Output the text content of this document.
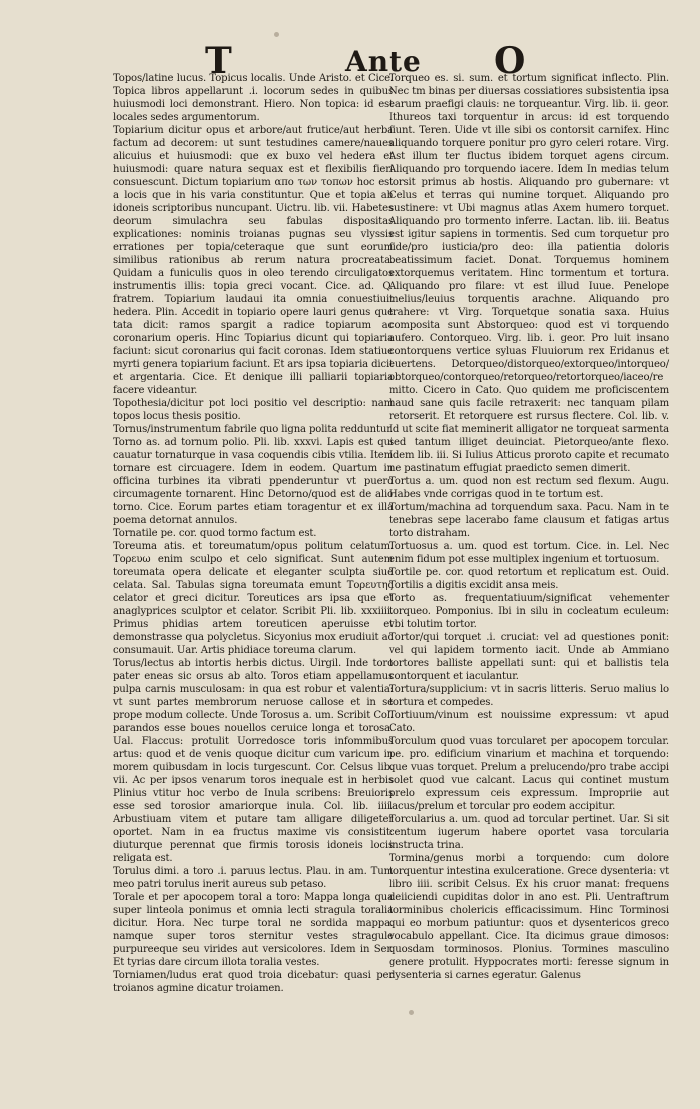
T	Ante O

Topos/latine lucus. Topicus localis. Unde Aristo. et Cice. Topica libros appellarunt .i. locorum sedes in quibus huiusmodi loci demonstrant. Hiero. Non topica: id est locales sedes argumentorum.

Topiarium dicitur opus et arbore/aut frutice/aut herba factum ad decorem: ut sunt testudines camere/naues alicuius et huiusmodi: que ex buxo vel hedera et huiusmodi: quare natura sequax est et flexibilis fieri consuescunt. Dictum topiarium απο των τοπων hoc est a locis que in his varia constituntur. Que et topia ab idoneis scriptoribus nuncupant. Uictru. lib. vii. Habetes deorum simulachra seu fabulas dispositas explicationes: nominis troianas pugnas seu vlyssis errationes per topia/ceteraque que sunt eorum similibus rationibus ab rerum natura procreata. Quidam a funiculis quos in oleo terendo circuligatos instrumentis illis: topia greci vocant. Cice. ad. Q. fratrem. Topiarium laudaui ita omnia conuestiuit hedera. Plin. Accedit in topiario opere lauri genus que tata dicit: ramos spargit a radice topiarum ac coronarium operis. Hinc Topiarius dicunt qui topiaria faciunt: sicut coronarius qui facit coronas. Idem statiue myrti genera topiarium faciunt. Et ars ipsa topiaria dicit et argentaria. Cice. Et denique illi palliarii topiaria facere videantur.

Topothesia/dicitur pot loci positio vel descriptio: nam topos locus thesis positio.

Tornus/instrumentum fabrile quo ligna polita redduntur.

Torno as. ad tornum polio. Pli. lib. xxxvi. Lapis est qui cauatur tornaturque in vasa coquendis cibis vtilia. Item tornare est circuagere. Idem in eodem. Quartum in officina turbines ita vibrati ppenderuntur vt puero circumagente tornarent. Hinc Detorno/quod est de alio torno. Cice. Eorum partes etiam toragentur et ex illa poema detornat annulos.

Tornatile pe. cor. quod tormo factum est.

Toreuma atis. et toreumatum/opus politum celatum. Τορευω enim sculpo et celo significat. Sunt autem toreumata opera delicate et eleganter sculpta siue celata. Sal. Tabulas signa toreumata emunt Τορευτης celator et greci dicitur. Toreutices ars ipsa que et anaglyprices sculptor et celator. Scribit Pli. lib. xxxiiii. Primus phidias artem toreuticen aperuisse et demonstrasse qua polycletus. Sicyonius mox erudiuit ac consumauit. Uar. Artis phidiace toreuma clarum.

Torus/lectus ab intortis herbis dictus. Uirgil. Inde toro pater eneas sic orsus ab alto. Toros etiam appellamus pulpa carnis musculosam: in qua est robur et valentia: vt sunt partes membrorum neruose callose et in se prope modum collecte. Unde Torosus a. um. Scribit Col. parandos esse boues nouellos ceruice longa et torosa. Ual. Flaccus: protulit Uorredosce toris infommibus artus: quod et de venis quoque dicitur cum varicum in morem quibusdam in locis turgescunt. Cor. Celsus lib. vii. Ac per ipsos venarum toros inequale est in herbis Plinius vtitur hoc verbo de Inula scribens: Breuioris esse sed torosior amariorque inula. Col. lib. iiii. Arbustiuam vitem et putare tam alligare diligeter oportet. Nam in ea fructus maxime vis consistit: diuturque perennat que firmis torosis idoneis locis religata est.

Torulus dimi. a toro .i. paruus lectus. Plau. in am. Tum meo patri torulus inerit aureus sub petaso.

Torale et per apocopem toral a toro: Mappa longa qua super linteola ponimus et omnia lecti stragula toralia dicitur. Hora. Nec turpe toral ne sordida mappa. namque super toros sternitur vestes stragule purpureeque seu virides aut versicolores. Idem in Ser. Et tyrias dare circum illota toralia vestes.

Torniamen/ludus erat quod troia dicebatur: quasi per troianos agmine dicatur troiamen.

Torqueo es. si. sum. et tortum significat inflecto. Plin. Nec tm binas per diuersas cossiatiores subsistentia ipsa earum praefigi clauis: ne torqueantur. Virg. lib. ii. geor. Ithureos taxi torquentur in arcus: id est torquendo fiunt. Teren. Uide vt ille sibi os contorsit carnifex. Hinc aliquando torquere ponitur pro gyro celeri rotare. Virg. Ast illum ter fluctus ibidem torquet agens circum. Aliquando pro torquendo iacere. Idem In medias telum torsit primus ab hostis. Aliquando pro gubernare: vt Celus et terras qui numine torquet. Aliquando pro sustinere: vt Ubi magnus atlas Axem humero torquet. Aliquando pro tormento inferre. Lactan. lib. iii. Beatus est igitur sapiens in tormentis. Sed cum torquetur pro fide/pro iusticia/pro deo: illa patientia doloris beatissimum faciet. Donat. Torquemus hominem extorquemus veritatem. Hinc tormentum et tortura. Aliquando pro filare: vt est illud Iuue. Penelope melius/leuius torquentis arachne. Aliquando pro trahere: vt Virg. Torquetque sonatia saxa. Huius composita sunt Abstorqueo: quod est vi torquendo aufero. Contorqueo. Virg. lib. i. geor. Pro luit insano contorquens vertice syluas Fluuiorum rex Eridanus et euertens. Detorqueo/distorqueo/extorqueo/intorqueo/ obtorqueo/contorqueo/retorqueo/retortorqueo/iaceo/remitto. Cicero in Cato. Quo quidem me proficiscentem haud sane quis facile retraxerit: nec tanquam pilam retorserit. Et retorquere est rursus flectere. Col. lib. v. Id ut scite fiat meminerit alligator ne torqueat sarmenta sed tantum illiget deuinciat. Pietorqueo/ante flexo. Idem lib. iii. Si Iulius Atticus proroto capite et recumato ne pastinatum effugiat praedicto semen dimerit.

Tortus a. um. quod non est rectum sed flexum. Augu. Habes vnde corrigas quod in te tortum est.

Tortum/machina ad torquendum saxa. Pacu. Nam in te tenebras sepe lacerabo fame clausum et fatigas artus torto distraham.

Tortuosus a. um. quod est tortum. Cice. in. Lel. Nec enim fidum pot esse multiplex ingenium et tortuosum.

Tortile pe. cor. quod retortum et replicatum est. Ouid. Tortilis a digitis excidit ansa meis.

Torto as. frequentatiuum/significat vehementer torqueo. Pomponius. Ibi in silu in cocleatum eculeum: vbi tolutim tortor.

Tortor/qui torquet .i. cruciat: vel ad questiones ponit: vel qui lapidem tormento iacit. Unde ab Ammiano tortores balliste appellati sunt: qui et ballistis tela contorquent et iaculantur.

Tortura/supplicium: vt in sacris litteris. Seruo malius lo tortura et compedes.

Tortiuum/vinum est nouissime expressum: vt apud Cato.

Torculum quod vuas torcularet per apocopem torcular. pe. pro. edificium vinarium et machina et torquendo: que vuas torquet. Prelum a prelucendo/pro trabe accipi solet quod vue calcant. Lacus qui continet mustum prelo expressum ceis expressum. Impropriie aut lacus/prelum et torcular pro eodem accipitur.

Torcularius a. um. quod ad torcular pertinet. Uar. Si sit centum iugerum habere oportet vasa torcularia instructa trina.

Tormina/genus morbi a torquendo: cum dolore torquentur intestina exulceratione. Grece dysenteria: vt libro iiii. scribit Celsus. Ex his cruor manat: frequens deiiciendi cupiditas dolor in ano est. Pli. Uentraftrum torminibus cholericis efficacissimum. Hinc Torminosi qui eo morbum patiuntur: quos et dysentericos greco vocabulo appellant. Cice. Ita dicimus graue dimosos: quosdam torminosos. Plonius. Tormines masculino genere protulit. Hyppocrates morti: feresse signum in dysenteria si carnes egeratur. Galenus
